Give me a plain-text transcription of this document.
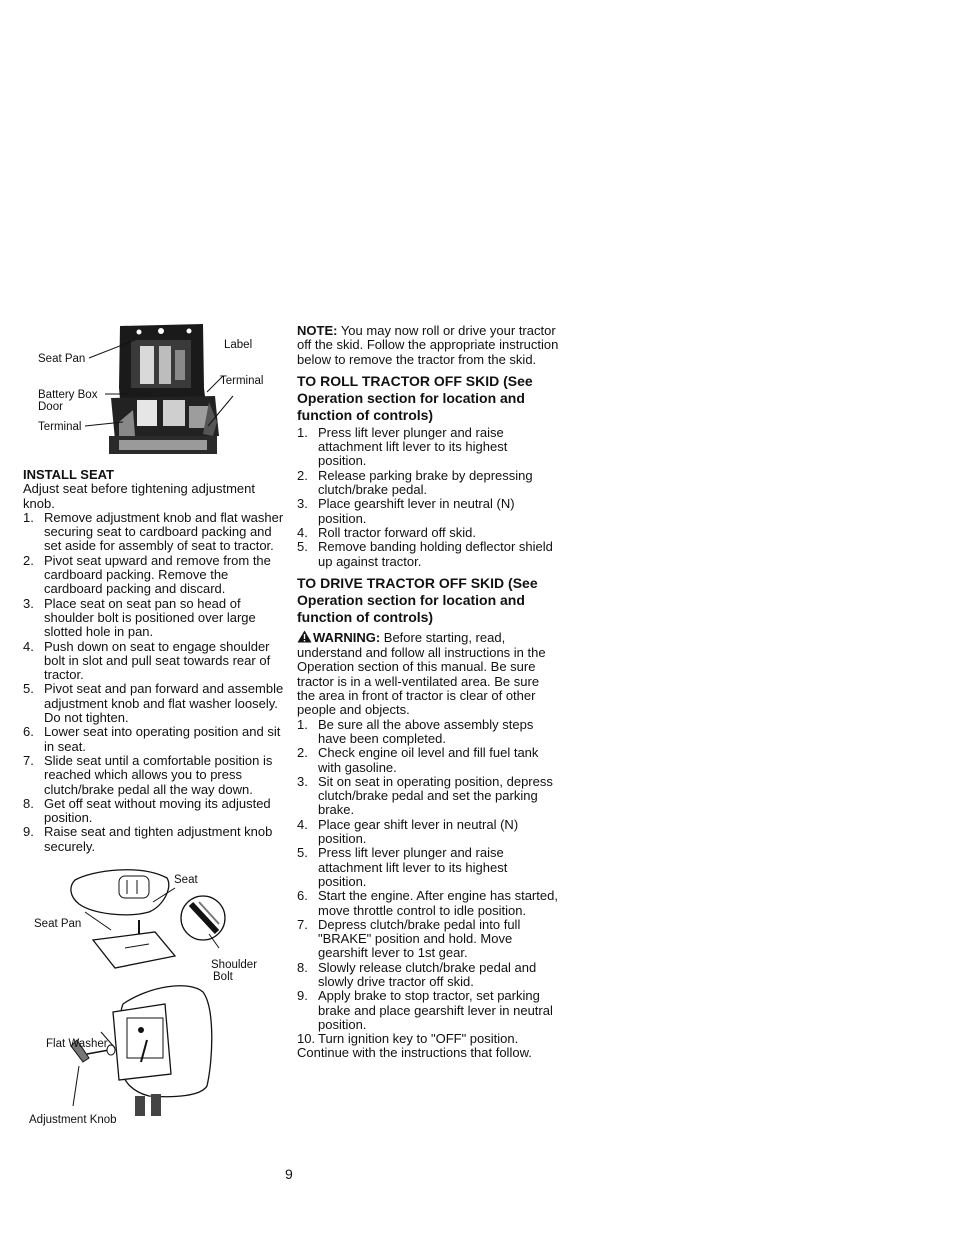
Seat Pan
Label
Terminal
Battery Box
Door
Terminal
INSTALL SEAT

Adjust seat before tightening adjustment knob.

1. Remove adjustment knob and flat washer securing seat to cardboard packing and set aside for assembly of seat to tractor.
2. Pivot seat upward and remove from the cardboard packing. Remove the cardboard packing and discard.
3. Place seat on seat pan so head of shoulder bolt is positioned over large slotted hole in pan.
4. Push down on seat to engage shoulder bolt in slot and pull seat towards rear of tractor.
5. Pivot seat and pan forward and assemble adjustment knob and flat washer loosely. Do not tighten.
6. Lower seat into operating position and sit in seat.
7. Slide seat until a comfortable position is reached which allows you to press clutch/brake pedal all the way down.
8. Get off seat without moving its adjusted position.
9. Raise seat and tighten adjustment knob securely.
Seat
Seat Pan
Shoulder
Bolt
Flat Washer
Adjustment Knob

NOTE: You may now roll or drive your tractor off the skid. Follow the appropriate instruction below to remove the tractor from the skid.

TO ROLL TRACTOR OFF SKID (See Operation section for location and function of controls)
1. Press lift lever plunger and raise attachment lift lever to its highest position.
2. Release parking brake by depressing clutch/brake pedal.
3. Place gearshift lever in neutral (N) position.
4. Roll tractor forward off skid.
5. Remove banding holding deflector shield up against tractor.
TO DRIVE TRACTOR OFF SKID (See Operation section for location and function of controls)

WARNING: Before starting, read, understand and follow all instructions in the Operation section of this manual. Be sure tractor is in a well-ventilated area. Be sure the area in front of tractor is clear of other people and objects.

1. Be sure all the above assembly steps have been completed.
2. Check engine oil level and fill fuel tank with gasoline.
3. Sit on seat in operating position, depress clutch/brake pedal and set the parking brake.
4. Place gear shift lever in neutral (N) position.
5. Press lift lever plunger and raise attachment lift lever to its highest position.
6. Start the engine. After engine has started, move throttle control to idle position.
7. Depress clutch/brake pedal into full "BRAKE" position and hold. Move gearshift lever to 1st gear.
8. Slowly release clutch/brake pedal and slowly drive tractor off skid.
9. Apply brake to stop tractor, set parking brake and place gearshift lever in neutral position.
10. Turn ignition key to "OFF" position.

Continue with the instructions that follow.

9
